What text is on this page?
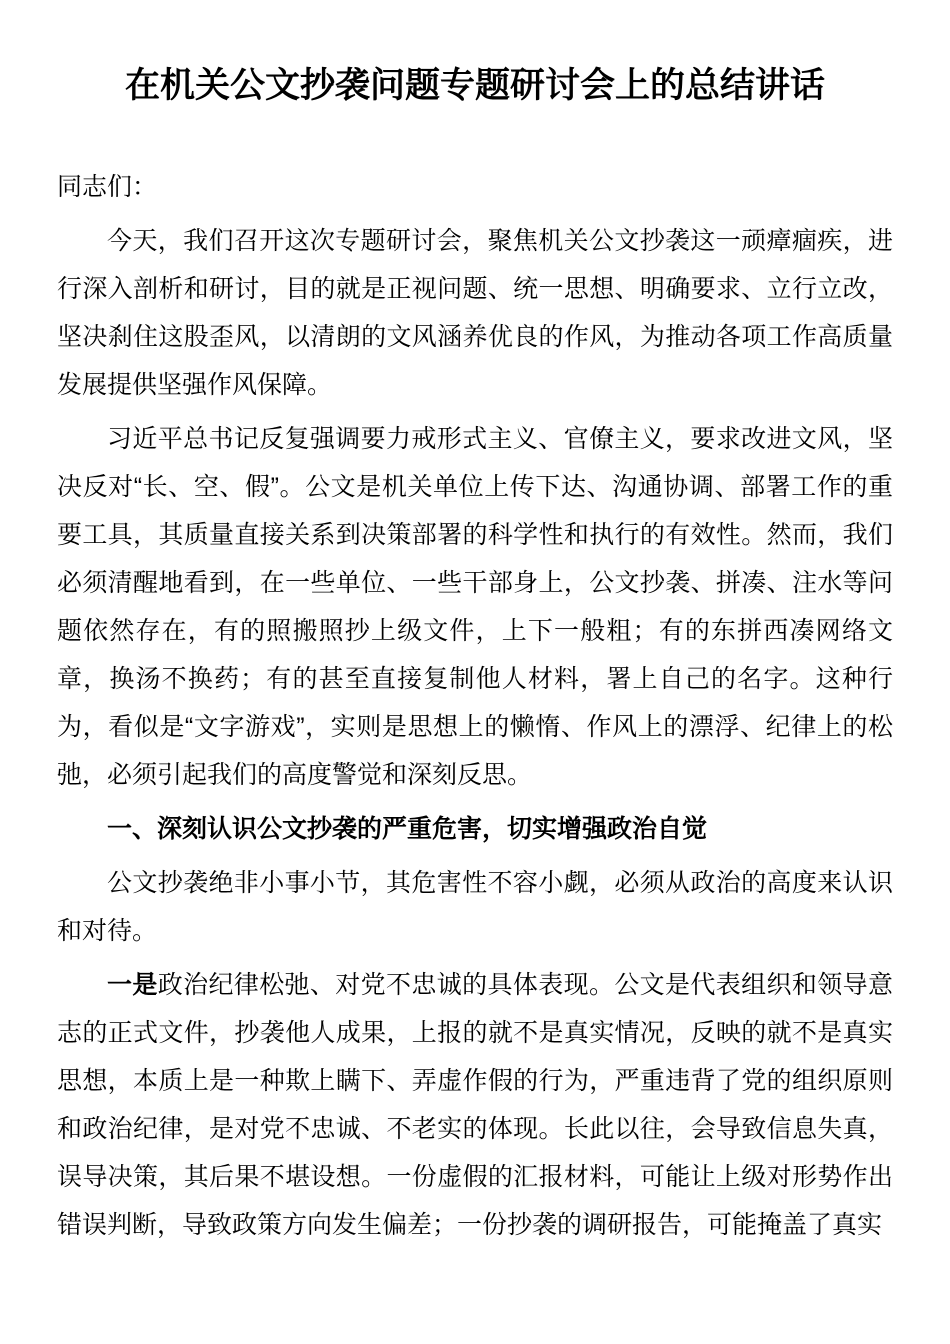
在机关公文抄袭问题专题研讨会上的总结讲话

同志们：

今天，我们召开这次专题研讨会，聚焦机关公文抄袭这一顽瘴痼疾，进行深入剖析和研讨，目的就是正视问题、统一思想、明确要求、立行立改，坚决刹住这股歪风，以清朗的文风涵养优良的作风，为推动各项工作高质量发展提供坚强作风保障。

习近平总书记反复强调要力戒形式主义、官僚主义，要求改进文风，坚决反对“长、空、假”。公文是机关单位上传下达、沟通协调、部署工作的重要工具，其质量直接关系到决策部署的科学性和执行的有效性。然而，我们必须清醒地看到，在一些单位、一些干部身上，公文抄袭、拼凑、注水等问题依然存在，有的照搬照抄上级文件，上下一般粗；有的东拼西凑网络文章，换汤不换药；有的甚至直接复制他人材料，署上自己的名字。这种行为，看似是“文字游戏”，实则是思想上的懒惰、作风上的漂浮、纪律上的松弛，必须引起我们的高度警觉和深刻反思。

一、深刻认识公文抄袭的严重危害，切实增强政治自觉

公文抄袭绝非小事小节，其危害性不容小觑，必须从政治的高度来认识和对待。

一是政治纪律松弛、对党不忠诚的具体表现。公文是代表组织和领导意志的正式文件，抄袭他人成果，上报的就不是真实情况，反映的就不是真实思想，本质上是一种欺上瞒下、弄虚作假的行为，严重违背了党的组织原则和政治纪律，是对党不忠诚、不老实的体现。长此以往，会导致信息失真，误导决策，其后果不堪设想。一份虚假的汇报材料，可能让上级对形势作出错误判断，导致政策方向发生偏差；一份抄袭的调研报告，可能掩盖了真实
